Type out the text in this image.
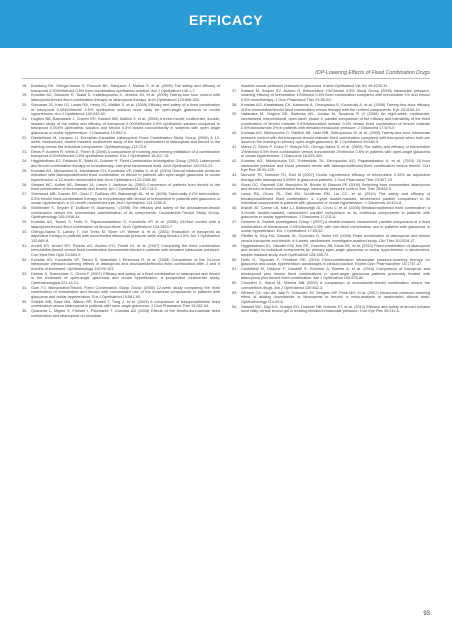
EFFICACY
IOP-Lowering Effects of Fixed Combination Drugs
18. Bamberg DK, Ortega-Nunez S, Pecover BK, Sampson J, Mallick S, et al. (2005) The safety and efficacy of travoprost 0.004%/timolol 0.5% fixed combination ophthalmic solution. Am J Ophthalmol 140:1-7.
19. Konstas AG, Bohacek R, Tsatal D, Kaltsikopoulos K, Jenkins JN, et al. (2005) Twenty-four-hour control with latanoprost-timolol fixed combination therapy vs latanoprost therapy. Arch Ophthalmol 123:898-902.
20. Schuman JS, Katz GJ, Lewis RA, Henry JC, Mallick S, et al. (2005) Efficacy and safety of a fixed combination of travoprost 0.004%/timolol 0.5% ophthalmic solution once daily for open-angle glaucoma or ocular hypertension. Am J Ophthalmol 140:242-50.
21. Hughes BA, Bacharach J, Craven ER, Kaback MB, Mallick S, et al. (2005) A three-month, multicenter, double-masked study of the safety and efficacy of travoprost 0.004%/timolol 0.5% ophthalmic solution compared to travoprost 0.004% ophthalmic solution and timolol 0.5% dosed concomitantly in subjects with open angle glaucoma or ocular hypertension. J Glaucoma 14:392-9.
22. Diestelhorst M, Larsson LI, European-Canadian Latanoprost Fixed Combination Study Group (2006) A 12-week, randomized, double-masked, multicenter study of the fixed combination of latanoprost and timolol in the evening versus the individual components. Ophthalmology 113:70-6.
23. Denis P, Andrew R, Wells D, Friren B (2006) A comparison of morning and evening instillation of a combination travoprost 0.004%/timolol 0.5% ophthalmic solution. Eur J Ophthalmol 16:407-15.
24. Higginbotham EJ, Feldman R, Stiles M, Dubiner H; Fixed Combination Investigative Group (2002) Latanoprost and timolol combination therapy vs monotherapy: one-year randomized trials. Arch Ophthalmol 120:915-22.
25. Konstas AG, Mylopoulos N, Karabatsas CH, Kozobolis VP, Diafas S, et al. (2004) Diurnal intraocular pressure reduction with latanoprost/timolol fixed combination vs timolol in patients with open-angle glaucoma or ocular hypertension: a 12-month randomized trial. Arch Ophthalmol 122:1258-65.
26. Stewart WC, Kolker AE, Stewart JA, Leech J, Jackson AL (2000) Conversion of patients from timolol to the fixed combination of dorzolamide and timolol. Am J Ophthalmol 130:713-9.
27. Sherwood MB, Craven ER, Chou C, DuBiner HB, Batoosingh AL, et al. (2006) Twice-daily 0.2% brimonidine-0.5% timolol fixed-combination therapy vs monotherapy with timolol or brimonidine in patients with glaucoma or ocular hypertension: a 12-month randomized trial. Arch Ophthalmol 124:1230-8.
28. Strohmaier K, Snyder E, DuBiner H, Adamsons I (1998) The efficacy and safety of the dorzolamide-timolol combination versus the concomitant administration of its components. Dorzolamide-Timolol Study Group. Ophthalmology 105:1936-44.
29. Konstas AG, Tsironi S, Hollo G, Papaconstantinou D, Kozobolis VP, et al. (2006) 24-Hour control with a latanoprost-timolol fixed combination vs timolol alone. Arch Ophthalmol 124:1553-7.
30. Orengo-Nania S, Landry T, Von Tress M, Silver LH, Weiner A, et al. (2001) Evaluation of travoprost as adjunctive therapy in patients with uncontrolled intraocular pressure while using timolol 0.5%. Am J Ophthalmol 132:860-8.
31. Arcieri ES, Arcieri RS, Pereira AC, Andreo EG, Finotti IG, et al. (2007) Comparing the fixed combination brimonidine-timolol versus fixed combination dorzolamide-timolol in patients with elevated intraocular pressure. Curr Med Res Opin 23:683-9.
32. Konstas AG, Kozobolis VP, Tsironi S, Makridaki I, Efremova R, et al. (2008) Comparison of the 24-hour intraocular pressure-lowering effects of latanoprost and dorzolamide/timolol fixed combination after 2 and 6 months of treatment. Ophthalmology 115:99-103.
33. Dunker S, Schmucker C, Grehn F (2007) Efficacy and safety of a fixed combination of latanoprost and timolol in the treatment of open-angle glaucoma and ocular hypertension: a prospective multicenter study. Ophthalmologica 221:16-21.
34. Goni FJ; Brimonidine/Timolol Fixed Combination Study Group (2005) 12-week study comparing the fixed combination of brimonidine and timolol with concomitant use of the individual components in patients with glaucoma and ocular hypertension. Eur J Ophthalmol 15:581-90.
35. Shields MB, Kass MA, Wilson RP, Realini T, Tong J, et al. (2003) A comparison of travoprost/timolol fixed combination versus latanoprost in patients with open-angle glaucoma. J Ocul Pharmacol Ther 19:357-64.
36. Quaranta L, Miglior S, Floriani I, Pizzolante T, Konstas AG (2008) Effects of the timolol-dorzolamide fixed combination and latanoprost on circadian
diastolic ocular perfusion pressure in glaucoma. Invest Ophthalmol Vis Sci 49:4226-31.
37. Kaback M, Scoper SV, Arzeno G, Brimonidine 1%/Timolol 0.5% Study Group (2008) Intraocular pressure-lowering efficacy of brimonidine 1%/timolol 0.5% fixed combination compared with brimonidine 1% and timolol 0.5% monotherapy. J Ocul Pharmacol Ther 24:55-63.
38. Konstas AG, Karabatsas CH, Katsanos A, Georgiadou E, Kozobolis A, et al. (2006) Twenty-four-hour efficacy of the brimonidine/timolol fixed combination versus therapy with the unfixed components. Eye 20:1105-10.
39. Hatanaka M, Grigera DE, Barbosa WL, Jordao M, Susanna R Jr (2008) An eight-week, multicenter, randomized, interventional, open-label, phase 4, parallel comparison of the efficacy and tolerability of the fixed combination of timolol maleate 0.5%/brimonidine tartrate 0.2% versus fixed combination of timolol maleate 0.5%/dorzolamide 2% in patients with elevated intraocular pressure. J Glaucoma 17:674-9.
40. Konstas AG, Mikropoulos D, Haidich AB, Nasr MB, Sotiropoulou M, et al. (2009) Twenty-four-hour intraocular pressure control with the travoprost-timolol maleate fixed combination compared with travoprost when both are dosed in the evening in primary open-angle glaucoma. Br J Ophthalmol 93:481-5.
41. Manni G, Denis P, Chew P, Sharpe ED, Orengo-Nania S, et al. (2009) The safety and efficacy of brimonidine 1%/timolol 0.5% fixed combination versus dorzolamide 2%/timolol 0.5% in patients with open-angle glaucoma or ocular hypertension. J Glaucoma 18:293-300.
42. Konstas AG, Mikropoulos DG, Embeslidis TA, Dimopoulos AG, Papanastasiou A, et al. (2010) 24-hour intraocular pressure and blood pressure levels with latanoprost/timolol fixed combination versus timolol. Curr Eye Res 35:99-105.
43. Mundorf TK, Noecker RJ, Earl M (2007) Ocular hypotensive efficacy of brimonidine 0.15% as adjunctive therapy with latanoprost 0.005% in glaucoma patients. J Ocul Pharmacol Ther 23:307-13.
44. Rossi GC, Pasinetti GM, Bracchino M, Bordin M, Bianchi PE (2009) Switching from concomitant latanoprost and timolol to fixed combination therapy: intraocular pressure control. Adv Ther 26:862-9.
45. Lewis RA, Gross RL, Sall KN, Schiffman RM, Liu CC, et al. (2010) The safety and efficacy of bimatoprost/timolol fixed combination: a 1-year double-masked, randomized parallel comparison to its individual components in patients with glaucoma or ocular hypertension. J Glaucoma 19:424-6.
46. Brandt JD, Cantor LB, Katz LJ, Batoosingh AL, Chou C, et al. (2008) Bimatoprost/timolol fixed combination: a 3-month double-masked, randomized parallel comparison to its individual components in patients with glaucoma or ocular hypertension. J Glaucoma 17:211-6.
47. Hommer A; Ganfort Investigators Group I (2007) A double-masked, randomized, parallel comparison of a fixed combination of bimatoprost 0.03%/timolol 0.5% with non-fixed combination use in patients with glaucoma or ocular hypertension. Eur J Ophthalmol 17:53-62.
48. Pfeiffer N, Kluy HU, Sasabe JK, Gonzalez D, Keller HG (2008) Fixed combination of latanoprost and timolol versus travoprost and timolol: a 6-week, randomized, investigator-masked study. Clin Ther 30:2018-27.
49. Higginbotham EJ, Olander KW, Kim EE, Grunden JW, Kwok KK, et al. (2010) Fixed combination of latanoprost and timolol vs individual components for primary open-angle glaucoma or ocular hypertension: a randomized, double-masked study. Arch Ophthalmol 128:165-72.
50. Hollo G, Topouzis F, Fechtner RD (2014) Fixed-combination intraocular pressure-lowering therapy for glaucoma and ocular hypertension: advantages in clinical practice. Expert Opin Pharmacother 15:1737-47.
51. Centofanti M, Oddone F, Gandolfi S, Hommer A, Boehm A, et al. (2010) Comparison of travoprost and bimatoprost plus timolol fixed combinations in open-angle glaucoma patients previously treated with latanoprost plus timolol fixed combination. Am J Ophthalmol 150:575-80.
52. Choudhri S, Wand M, Shields MB (2000) A comparison of dorzolamide-timolol combination versus the concomitant drugs. Am J Ophthalmol 130:832-3.
53. Webers CA, van der Valk R, Schouten JS, Zeegers MP, Prins MH, et al. (2007) Intraocular pressure-lowering effect of adding dorzolamide or latanoprost to timolol: a meta-analysis of randomized clinical trials. Ophthalmology 114:40-6.
54. Stewart WC, Day DG, Sharpe ED, Dubiner HB, Holmes KT, et al. (2010) Efficacy and safety of timolol solution once daily versus timolol gel in treating elevated intraocular pressure. Curr Eye Res 35:211-6.
93
